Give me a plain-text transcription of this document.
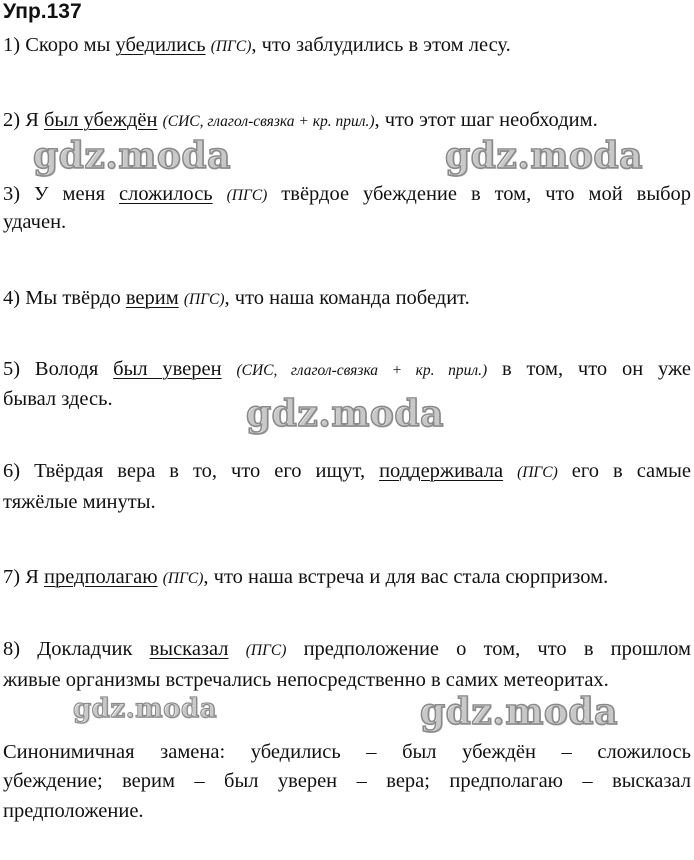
Упр.137
1) Скоро мы убедились (ПГС), что заблудились в этом лесу.
2) Я был убеждён (СИС, глагол-связка + кр. прил.), что этот шаг необходим.
3) У меня сложилось (ПГС) твёрдое убеждение в том, что мой выбор
удачен.
4) Мы твёрдо верим (ПГС), что наша команда победит.
5) Володя был уверен (СИС, глагол-связка + кр. прил.) в том, что он уже
бывал здесь.
6) Твёрдая вера в то, что его ищут, поддерживала (ПГС) его в самые
тяжёлые минуты.
7) Я предполагаю (ПГС), что наша встреча и для вас стала сюрпризом.
8) Докладчик высказал (ПГС) предположение о том, что в прошлом
живые организмы встречались непосредственно в самих метеоритах.
Синонимичная замена: убедились – был убеждён – сложилось
убеждение; верим – был уверен – вера; предполагаю – высказал
предположение.
gdz.moda	gdz.moda
gdz.moda
gdz.moda	gdz.moda
